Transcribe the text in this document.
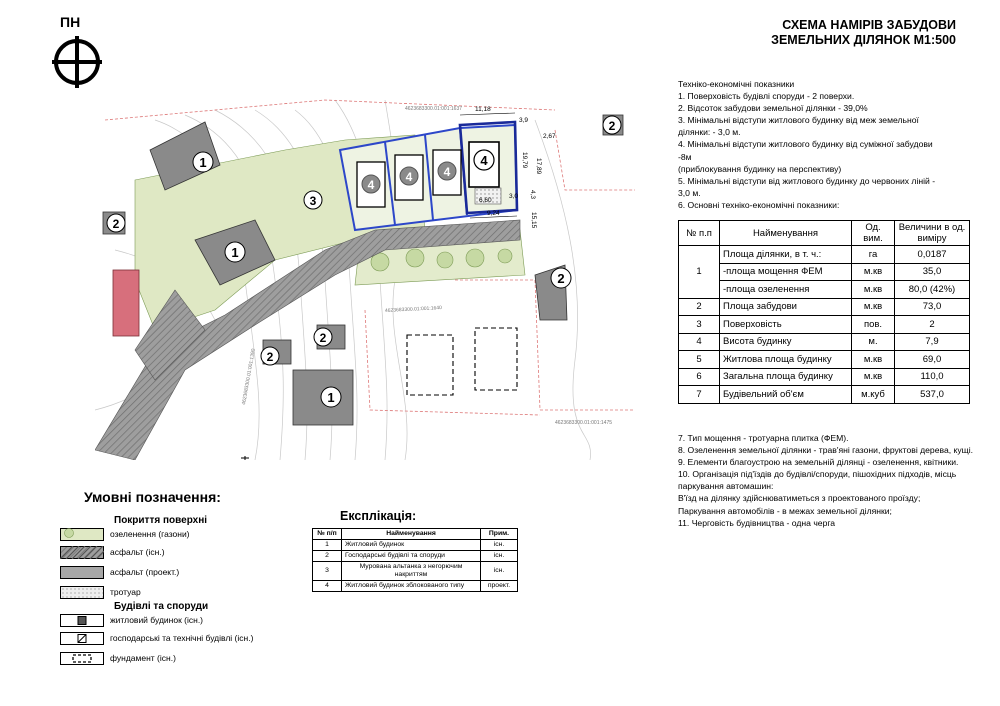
ПН	СХЕМА НАМІРІВ ЗАБУДОВИ
ЗЕМЕЛЬНИХ ДІЛЯНОК М1:500
1
1
1
2
2
2
2
2
3
4
4	4
4
11,18
3,9
19,79 17,89
4,3
6,60
3,0
9,24	15,15
2,67
4623683300.01:001:1637
4623683300.01:001:1640
4623683300.01:001:1475
4623683300.01:001:1390
Техніко-економічні показники
1. Поверховість будівлі споруди - 2 поверхи.
2. Відсоток забудови земельної ділянки - 39,0%
3. Мінімальні відступи житлового будинку від меж земельної ділянки: - 3,0 м.
4. Мінімальні відступи житлового будинку від суміжної забудови -8м
(приблокування будинку на перспективу)
5. Мінімальні відступи від житлового будинку до червоних ліній - 3,0 м.
6. Основні техніко-економічні показники:
№ п.п	Найменування	Од. вим.	Величини в од. виміру
1	Площа ділянки, в т. ч.:	га	0,0187
	-площа мощення ФЕМ	м.кв	35,0
	-площа озеленення	м.кв	80,0 (42%)
2	Площа забудови	м.кв	73,0
3	Поверховість	пов.	2
4	Висота будинку	м.	7,9
5	Житлова площа будинку	м.кв	69,0
6	Загальна площа будинку	м.кв	110,0
7	Будівельний об'єм	м.куб	537,0
7. Тип мощення - тротуарна плитка (ФЕМ).
8. Озеленення земельної ділянки - трав'яні газони, фруктові дерева, кущі.
9. Елементи благоустрою на земельній ділянці - озеленення, квітники.
10. Організація під'їздів до будівлі/споруди, пішохідних підходів, місць паркування автомашин:
В'їзд на ділянку здійснюватиметься з проектованого проїзду;
Паркування автомобілів - в межах земельної ділянки;
11. Черговість будівництва - одна черга
Умовні позначення:
Покриття поверхні
озеленення (газони)
асфальт (існ.)
асфальт (проект.)
тротуар
Будівлі та споруди
житловий будинок (існ.)
господарські та технічні будівлі (існ.)
фундамент (існ.)
Експлікація:
№ п/п	Найменування	Прим.
1	Житловий будинок	існ.
2	Господарські будівлі та споруди	існ.
3	Мурована альтанка з негорючим накриттям	існ.
4	Житловий будинок зблокованого типу	проект.
